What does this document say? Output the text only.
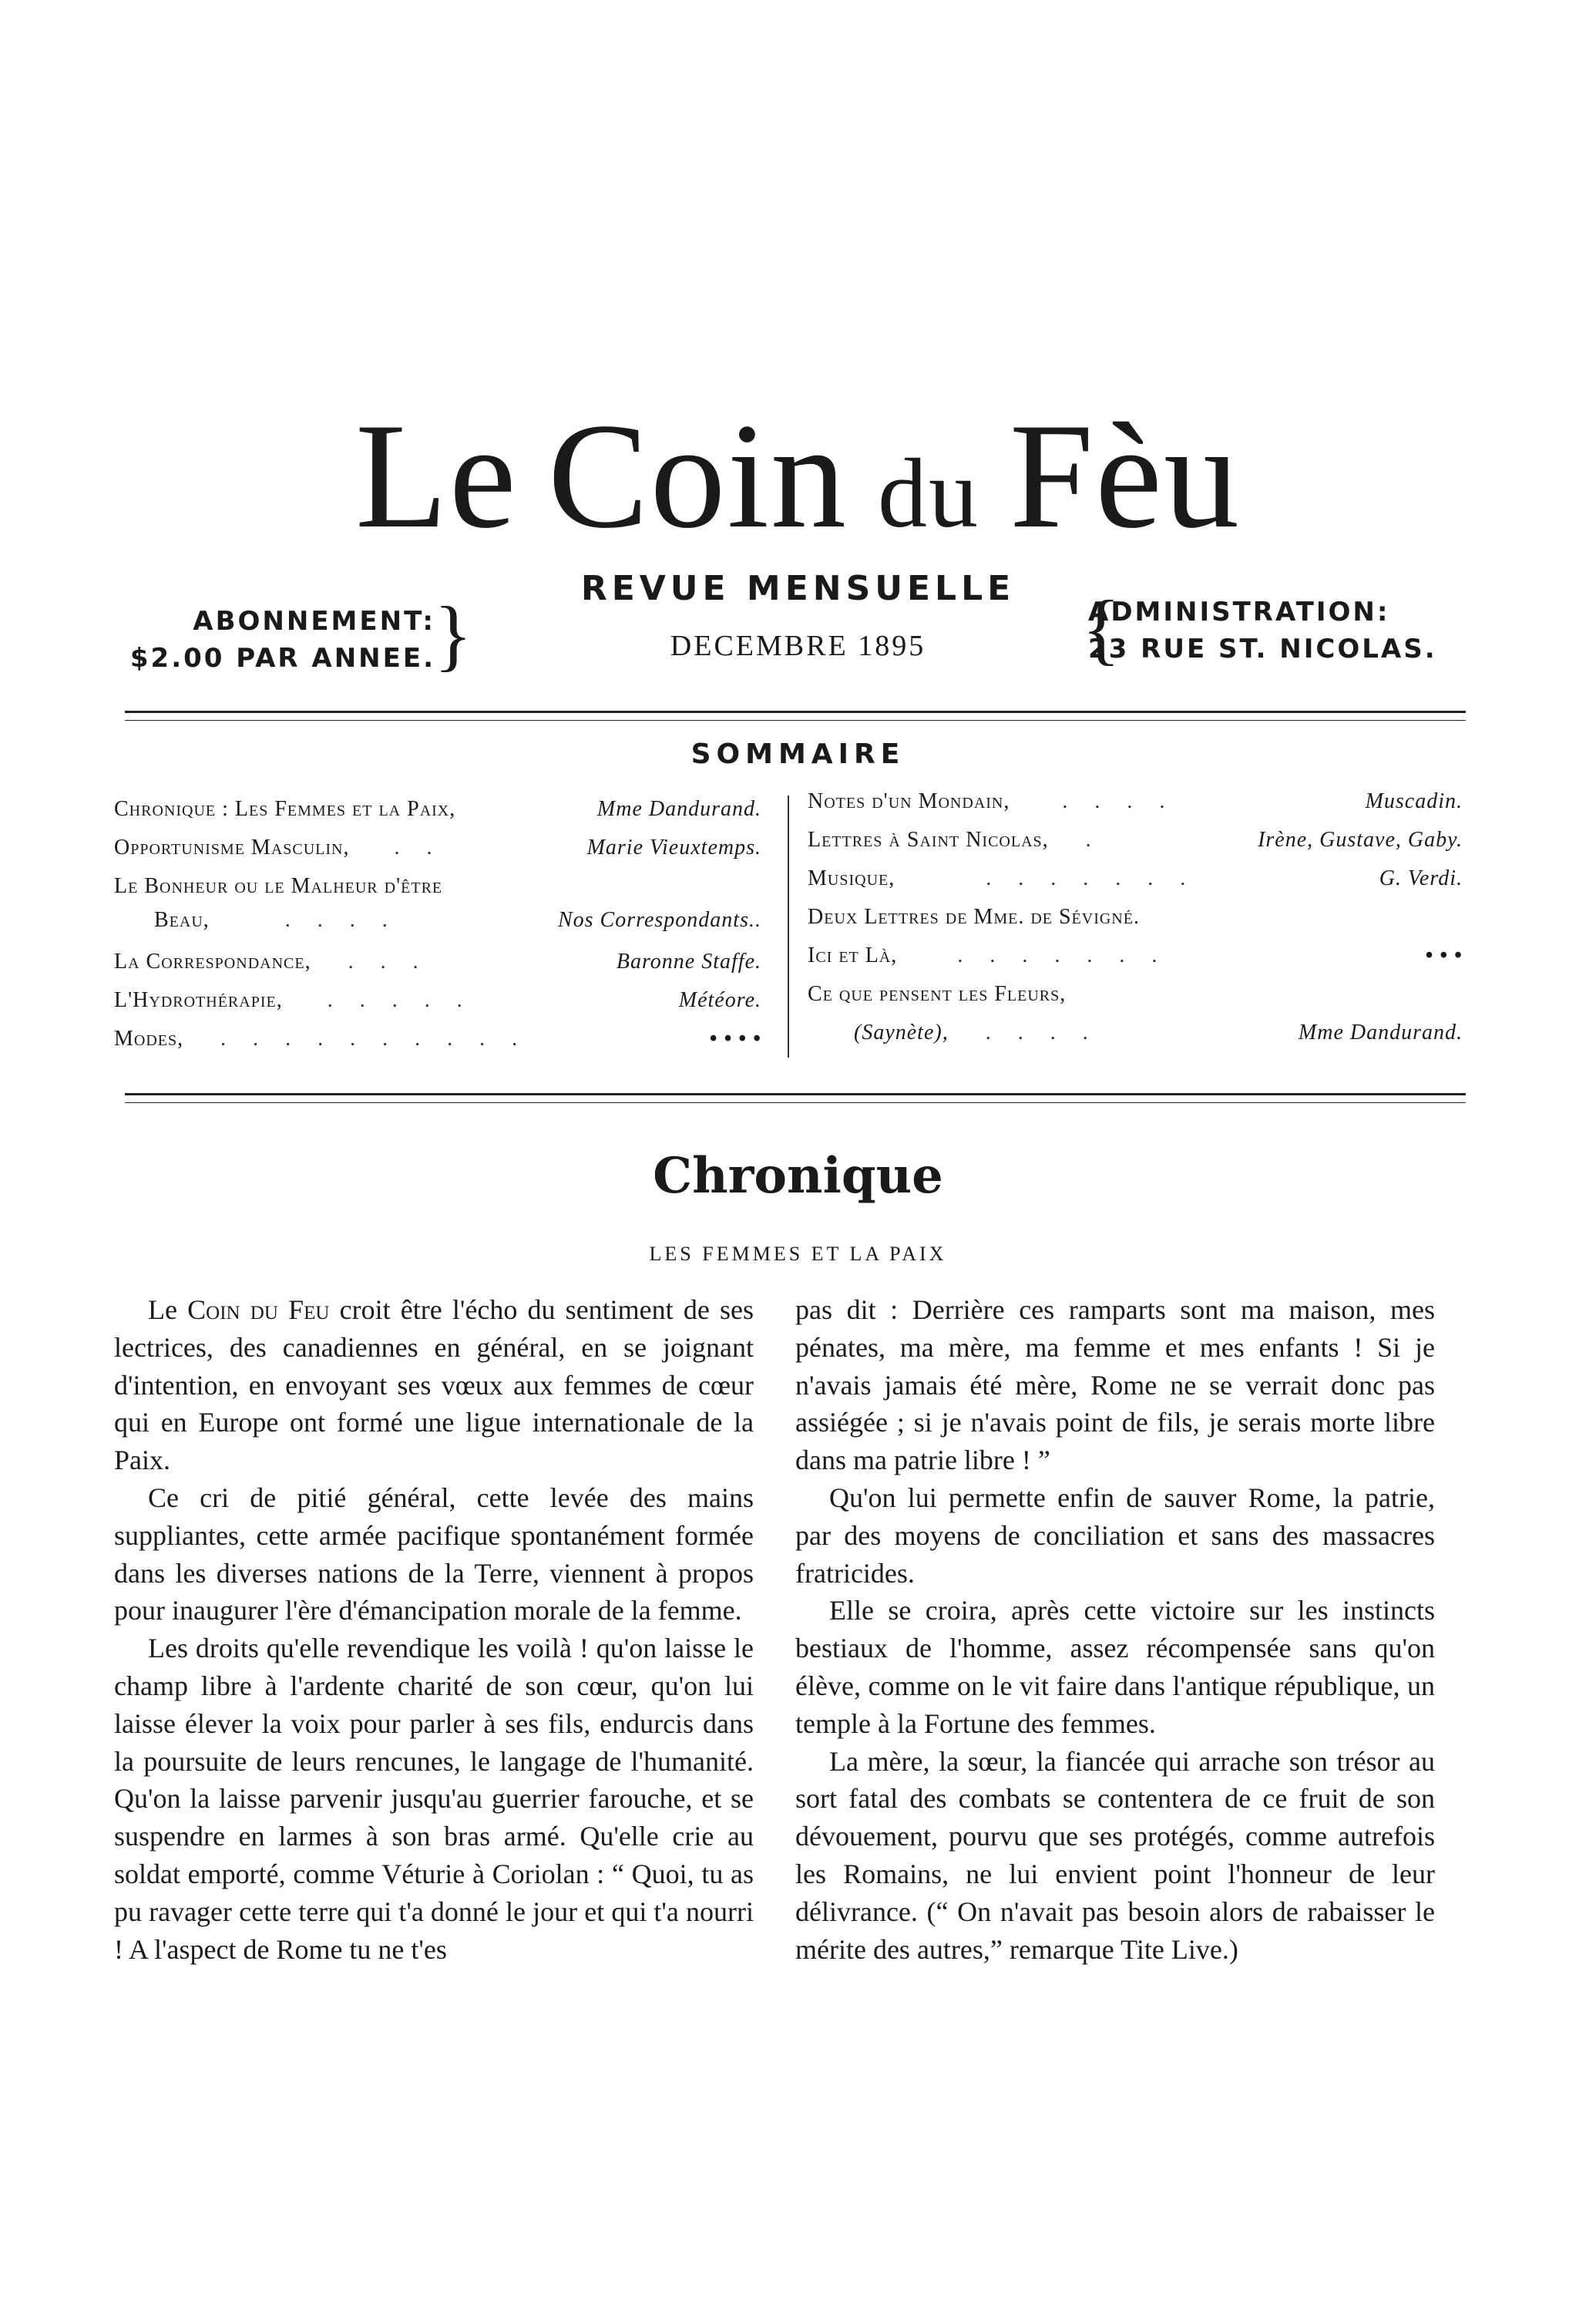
Le Coin du Fèu
REVUE MENSUELLE
DECEMBRE 1895
ABONNEMENT:
$2.00 PAR ANNEE.
}	{
ADMINISTRATION:
23 RUE ST. NICOLAS.
SOMMAIRE
Chronique : Les Femmes et la Paix,	Mme Dandurand.
Opportunisme Masculin, . .	Marie Vieuxtemps.
Le Bonheur ou le Malheur d'être
Beau,	. . . .	Nos Correspondants..
La Correspondance, . . .	Baronne Staffe.
L'Hydrothérapie, . . . . .	Météore.
Modes, . . . . . . . . . .	• • • •
Notes d'un Mondain, . . . .	Muscadin.
Lettres à Saint Nicolas, .	Irène, Gustave, Gaby.
Musique,	. . . . . . .	G. Verdi.
Deux Lettres de Mme. de Sévigné.
Ici et Là,	. . . . . . .	• • •
Ce que pensent les Fleurs,
(Saynète), . . . .	Mme Dandurand.
Chronique
LES FEMMES ET LA PAIX

Le Coin du Feu croit être l'écho du sentiment de ses lectrices, des canadiennes en général, en se joignant d'intention, en envoyant ses vœux aux femmes de cœur qui en Europe ont formé une ligue internationale de la Paix.

Ce cri de pitié général, cette levée des mains suppliantes, cette armée pacifique spontanément formée dans les diverses nations de la Terre, viennent à propos pour inaugurer l'ère d'émancipation morale de la femme.

Les droits qu'elle revendique les voilà ! qu'on laisse le champ libre à l'ardente charité de son cœur, qu'on lui laisse élever la voix pour parler à ses fils, endurcis dans la poursuite de leurs rencunes, le langage de l'humanité. Qu'on la laisse parvenir jusqu'au guerrier farouche, et se suspendre en larmes à son bras armé. Qu'elle crie au soldat emporté, comme Véturie à Coriolan : “ Quoi, tu as pu ravager cette terre qui t'a donné le jour et qui t'a nourri ! A l'aspect de Rome tu ne t'es

pas dit : Derrière ces ramparts sont ma maison, mes pénates, ma mère, ma femme et mes enfants ! Si je n'avais jamais été mère, Rome ne se verrait donc pas assiégée ; si je n'avais point de fils, je serais morte libre dans ma patrie libre ! ”

Qu'on lui permette enfin de sauver Rome, la patrie, par des moyens de conciliation et sans des massacres fratricides.

Elle se croira, après cette victoire sur les instincts bestiaux de l'homme, assez récompensée sans qu'on élève, comme on le vit faire dans l'antique république, un temple à la Fortune des femmes.

La mère, la sœur, la fiancée qui arrache son trésor au sort fatal des combats se contentera de ce fruit de son dévouement, pourvu que ses protégés, comme autrefois les Romains, ne lui envient point l'honneur de leur délivrance. (“ On n'avait pas besoin alors de rabaisser le mérite des autres,” remarque Tite Live.)
